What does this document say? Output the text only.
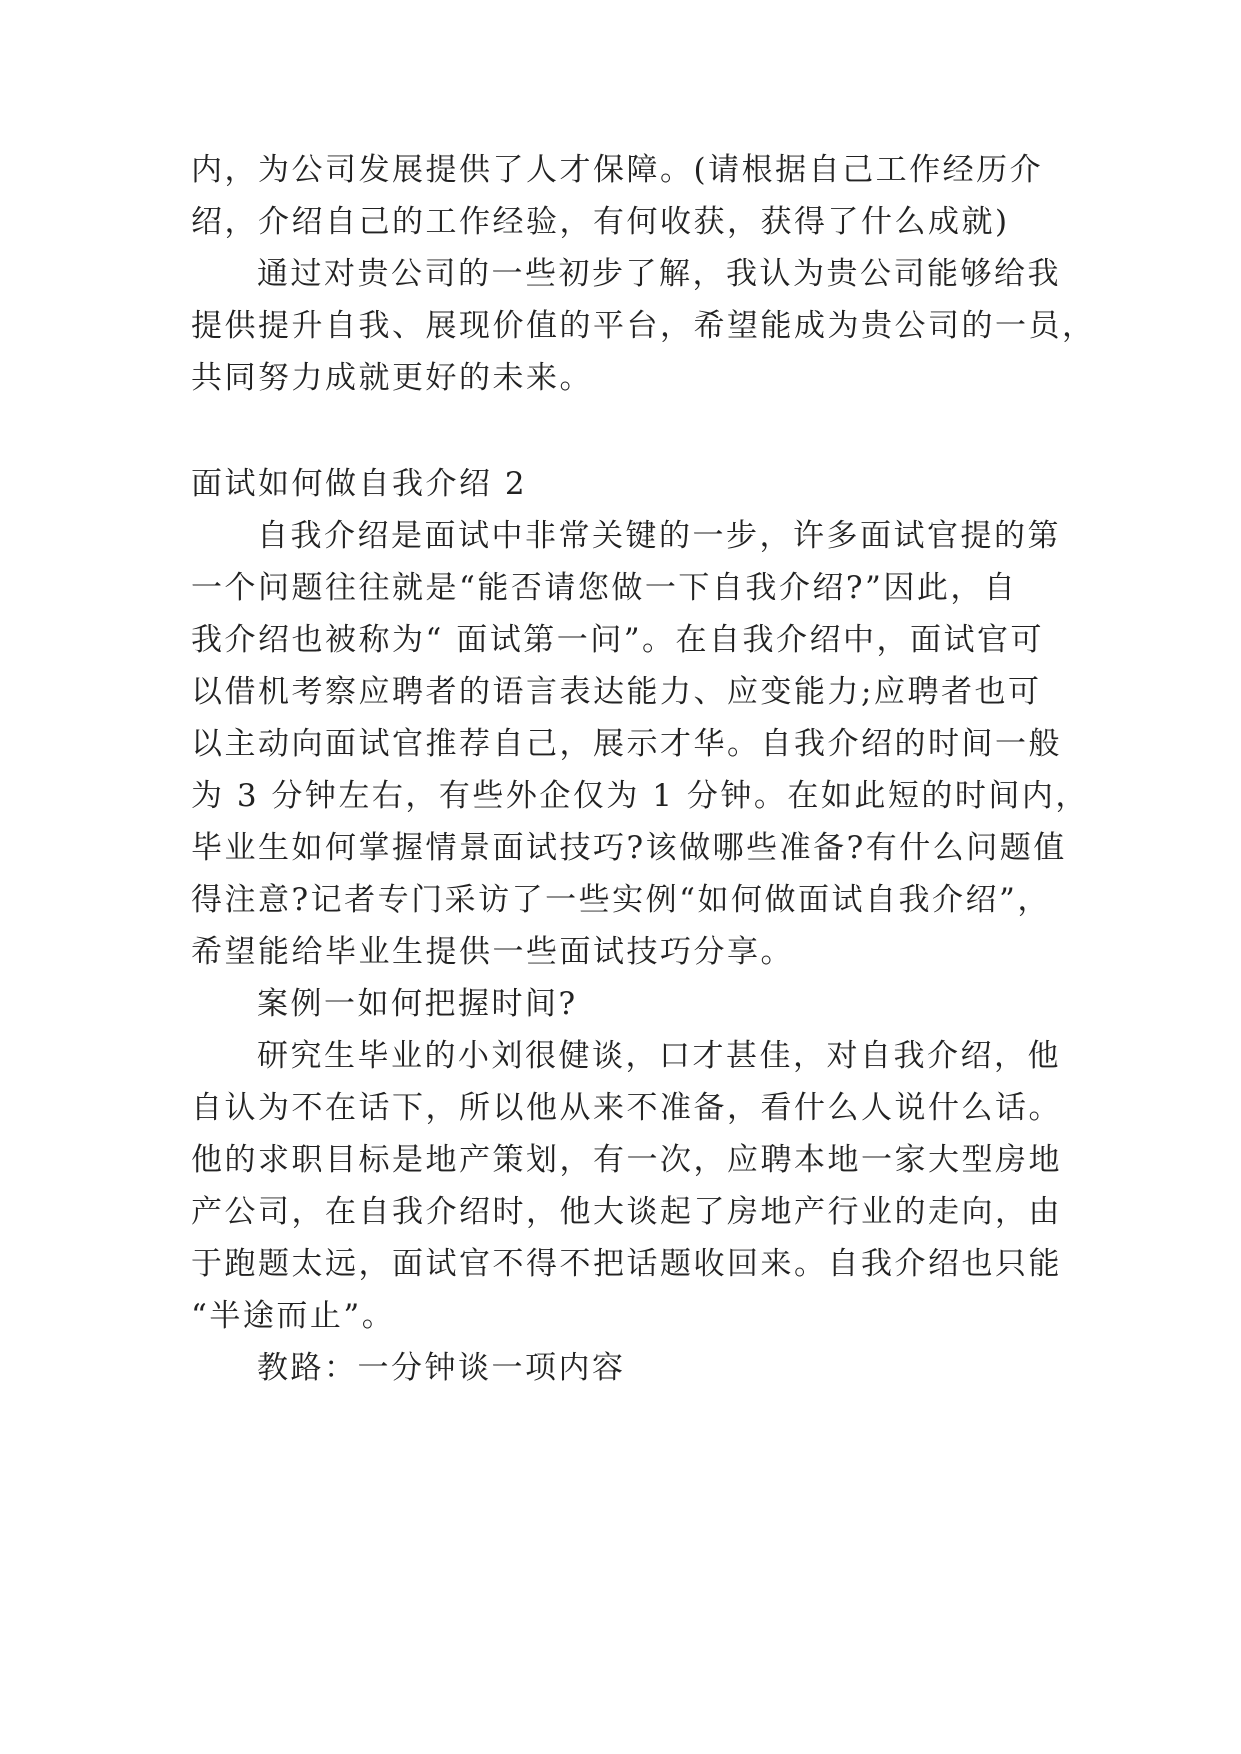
内，为公司发展提供了人才保障。(请根据自己工作经历介
绍，介绍自己的工作经验，有何收获，获得了什么成就)
通过对贵公司的一些初步了解，我认为贵公司能够给我
提供提升自我、展现价值的平台，希望能成为贵公司的一员，
共同努力成就更好的未来。
面试如何做自我介绍 2
自我介绍是面试中非常关键的一步，许多面试官提的第
一个问题往往就是“能否请您做一下自我介绍?”因此，自
我介绍也被称为“ 面试第一问”。在自我介绍中，面试官可
以借机考察应聘者的语言表达能力、应变能力;应聘者也可
以主动向面试官推荐自己，展示才华。自我介绍的时间一般
为 3 分钟左右，有些外企仅为 1 分钟。在如此短的时间内，
毕业生如何掌握情景面试技巧?该做哪些准备?有什么问题值
得注意?记者专门采访了一些实例“如何做面试自我介绍”，
希望能给毕业生提供一些面试技巧分享。
案例一如何把握时间?
研究生毕业的小刘很健谈，口才甚佳，对自我介绍，他
自认为不在话下，所以他从来不准备，看什么人说什么话。
他的求职目标是地产策划，有一次，应聘本地一家大型房地
产公司，在自我介绍时，他大谈起了房地产行业的走向，由
于跑题太远，面试官不得不把话题收回来。自我介绍也只能
“半途而止”。
教路：一分钟谈一项内容
